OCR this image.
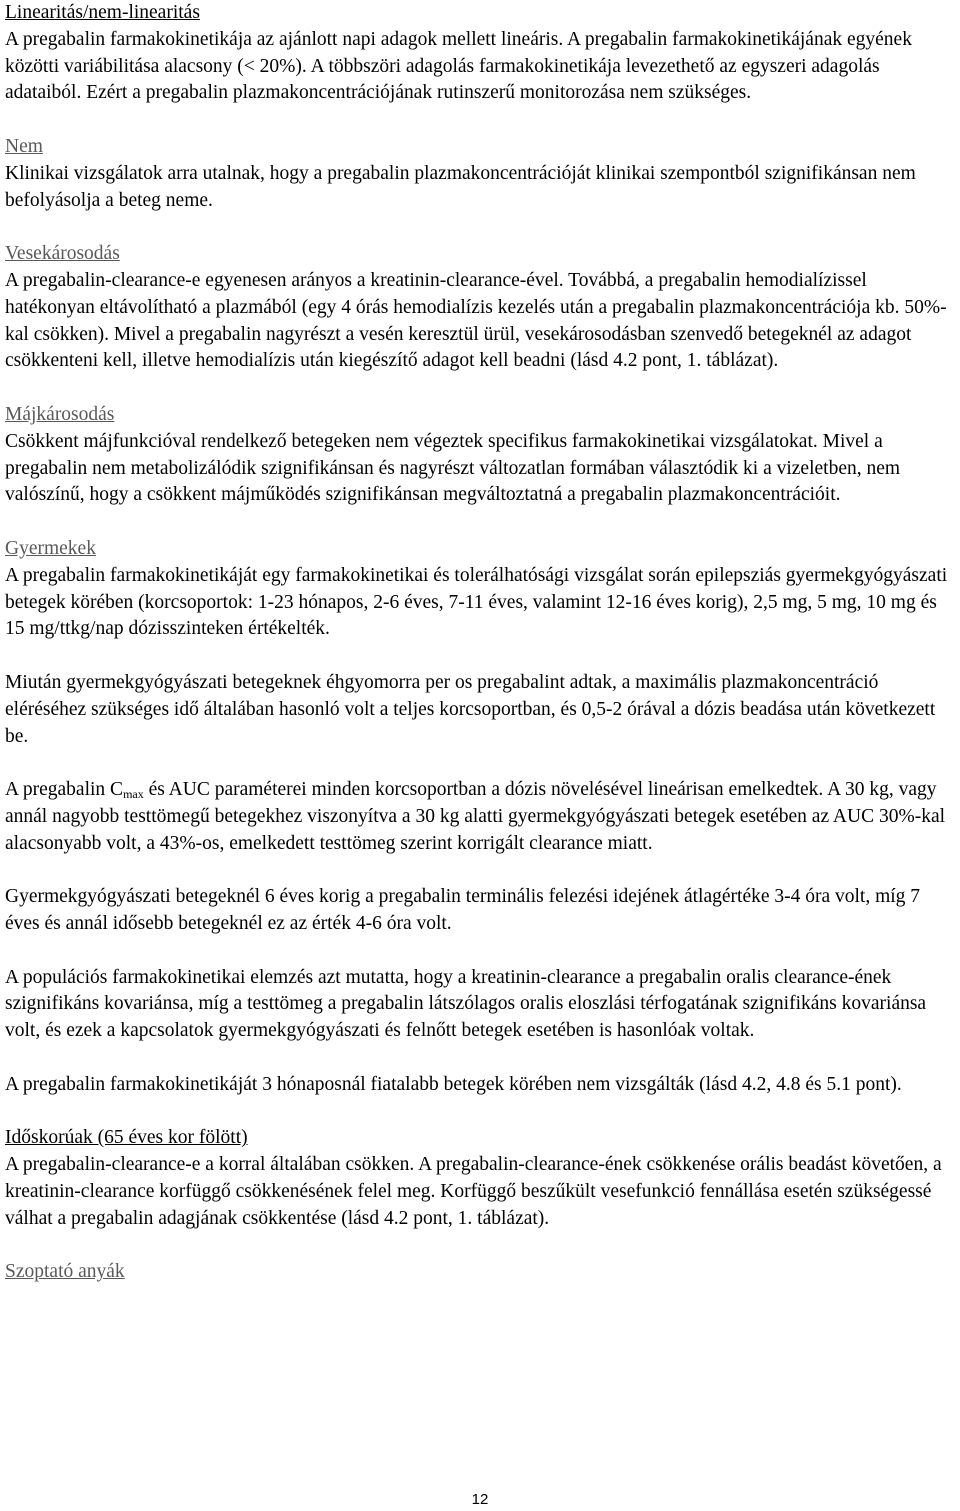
Linearitás/nem-linearitás

A pregabalin farmakokinetikája az ajánlott napi adagok mellett lineáris. A pregabalin farmakokinetikájának egyének közötti variábilitása alacsony (< 20%). A többszöri adagolás farmakokinetikája levezethető az egyszeri adagolás adataiból. Ezért a pregabalin plazmakoncentrációjának rutinszerű monitorozása nem szükséges.

Nem

Klinikai vizsgálatok arra utalnak, hogy a pregabalin plazmakoncentrációját klinikai szempontból szignifikánsan nem befolyásolja a beteg neme.

Vesekárosodás

A pregabalin-clearance-e egyenesen arányos a kreatinin-clearance-ével. Továbbá, a pregabalin hemodialízissel hatékonyan eltávolítható a plazmából (egy 4 órás hemodialízis kezelés után a pregabalin plazmakoncentrációja kb. 50%-kal csökken). Mivel a pregabalin nagyrészt a vesén keresztül ürül, vesekárosodásban szenvedő betegeknél az adagot csökkenteni kell, illetve hemodialízis után kiegészítő adagot kell beadni (lásd 4.2 pont, 1. táblázat).

Májkárosodás

Csökkent májfunkcióval rendelkező betegeken nem végeztek specifikus farmakokinetikai vizsgálatokat. Mivel a pregabalin nem metabolizálódik szignifikánsan és nagyrészt változatlan formában választódik ki a vizeletben, nem valószínű, hogy a csökkent májműködés szignifikánsan megváltoztatná a pregabalin plazmakoncentrációit.

Gyermekek

A pregabalin farmakokinetikáját egy farmakokinetikai és tolerálhatósági vizsgálat során epilepsziás gyermekgyógyászati betegek körében (korcsoportok: 1-23 hónapos, 2-6 éves, 7-11 éves, valamint 12-16 éves korig), 2,5 mg, 5 mg, 10 mg és 15 mg/ttkg/nap dózisszinteken értékelték.

Miután gyermekgyógyászati betegeknek éhgyomorra per os pregabalint adtak, a maximális plazmakoncentráció eléréséhez szükséges idő általában hasonló volt a teljes korcsoportban, és 0,5-2 órával a dózis beadása után következett be.

A pregabalin $C_{max}$ és AUC paraméterei minden korcsoportban a dózis növelésével lineárisan emelkedtek. A 30 kg, vagy annál nagyobb testtömegű betegekhez viszonyítva a 30 kg alatti gyermekgyógyászati betegek esetében az AUC 30%-kal alacsonyabb volt, a 43%-os, emelkedett testtömeg szerint korrigált clearance miatt.

Gyermekgyógyászati betegeknél 6 éves korig a pregabalin terminális felezési idejének átlagértéke 3-4 óra volt, míg 7 éves és annál idősebb betegeknél ez az érték 4-6 óra volt.

A populációs farmakokinetikai elemzés azt mutatta, hogy a kreatinin-clearance a pregabalin oralis clearance-ének szignifikáns kovariánsa, míg a testtömeg a pregabalin látszólagos oralis eloszlási térfogatának szignifikáns kovariánsa volt, és ezek a kapcsolatok gyermekgyógyászati és felnőtt betegek esetében is hasonlóak voltak.

A pregabalin farmakokinetikáját 3 hónaposnál fiatalabb betegek körében nem vizsgálták (lásd 4.2, 4.8 és 5.1 pont).

Időskorúak (65 éves kor fölött)

A pregabalin-clearance-e a korral általában csökken. A pregabalin-clearance-ének csökkenése orális beadást követően, a kreatinin-clearance korfüggő csökkenésének felel meg. Korfüggő beszűkült vesefunkció fennállása esetén szükségessé válhat a pregabalin adagjának csökkentése (lásd 4.2 pont, 1. táblázat).

Szoptató anyák

12
